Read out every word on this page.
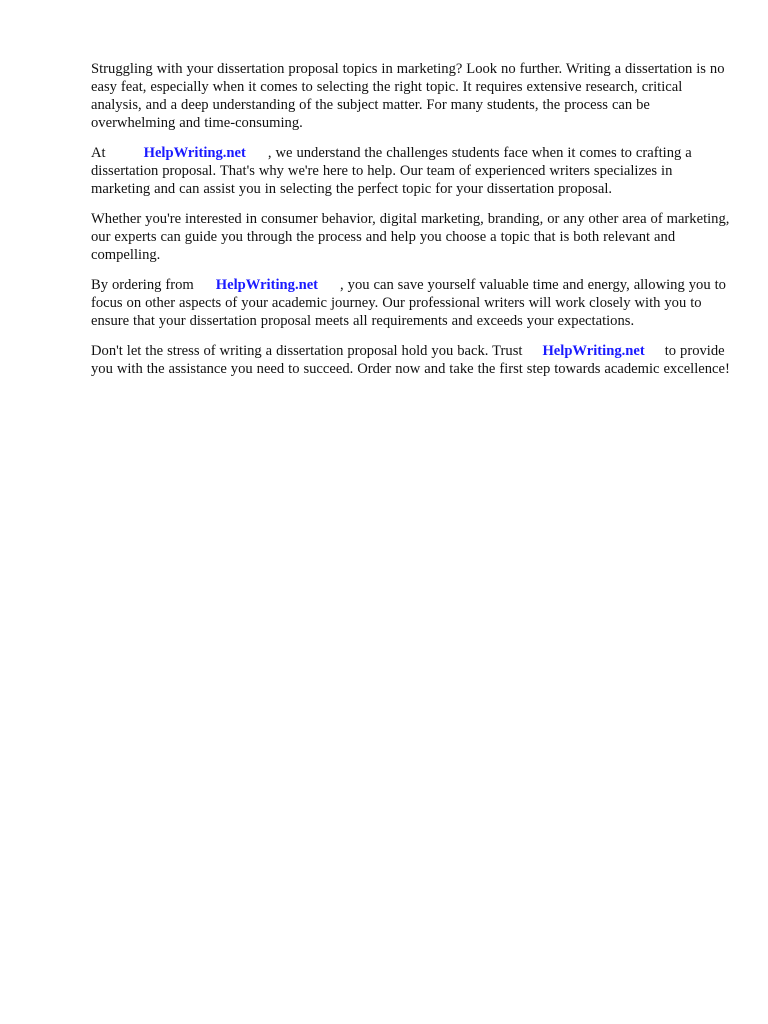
Struggling with your dissertation proposal topics in marketing? Look no further. Writing a dissertation is no easy feat, especially when it comes to selecting the right topic. It requires extensive research, critical analysis, and a deep understanding of the subject matter. For many students, the process can be overwhelming and time-consuming.

At	HelpWriting.net , we understand the challenges students face when it comes to crafting a dissertation proposal. That's why we're here to help. Our team of experienced writers specializes in marketing and can assist you in selecting the perfect topic for your dissertation proposal.

Whether you're interested in consumer behavior, digital marketing, branding, or any other area of marketing, our experts can guide you through the process and help you choose a topic that is both relevant and compelling.

By ordering from HelpWriting.net , you can save yourself valuable time and energy, allowing you to focus on other aspects of your academic journey. Our professional writers will work closely with you to ensure that your dissertation proposal meets all requirements and exceeds your expectations.

Don't let the stress of writing a dissertation proposal hold you back. Trust HelpWriting.net to provide you with the assistance you need to succeed. Order now and take the first step towards academic excellence!
